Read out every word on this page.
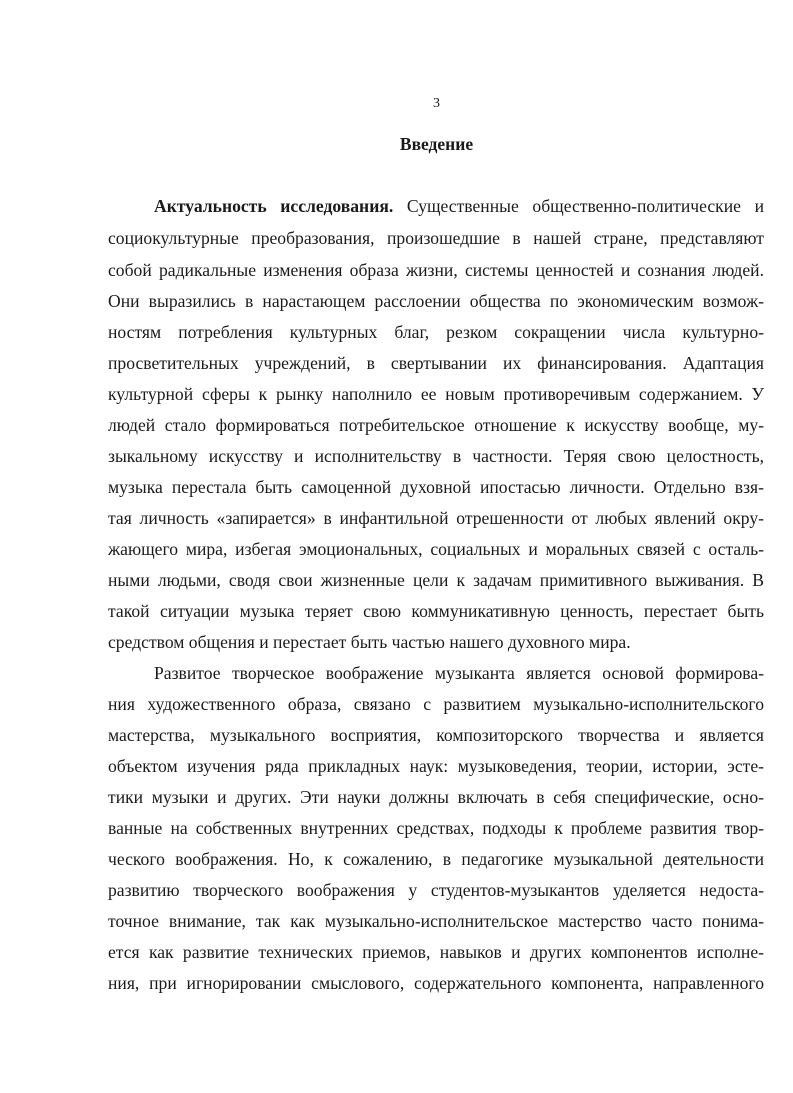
3
Введение
Актуальность исследования. Существенные общественно-политические и
социокультурные преобразования, произошедшие в нашей стране, представляют
собой радикальные изменения образа жизни, системы ценностей и сознания людей.
Они выразились в нарастающем расслоении общества по экономическим возмож-
ностям потребления культурных благ, резком сокращении числа культурно-
просветительных учреждений, в свертывании их финансирования. Адаптация
культурной сферы к рынку наполнило ее новым противоречивым содержанием. У
людей стало формироваться потребительское отношение к искусству вообще, му-
зыкальному искусству и исполнительству в частности. Теряя свою целостность,
музыка перестала быть самоценной духовной ипостасью личности. Отдельно взя-
тая личность «запирается» в инфантильной отрешенности от любых явлений окру-
жающего мира, избегая эмоциональных, социальных и моральных связей с осталь-
ными людьми, сводя свои жизненные цели к задачам примитивного выживания. В
такой ситуации музыка теряет свою коммуникативную ценность, перестает быть
средством общения и перестает быть частью нашего духовного мира.
Развитое творческое воображение музыканта является основой формирова-
ния художественного образа, связано с развитием музыкально-исполнительского
мастерства, музыкального восприятия, композиторского творчества и является
объектом изучения ряда прикладных наук: музыковедения, теории, истории, эсте-
тики музыки и других. Эти науки должны включать в себя специфические, осно-
ванные на собственных внутренних средствах, подходы к проблеме развития твор-
ческого воображения. Но, к сожалению, в педагогике музыкальной деятельности
развитию творческого воображения у студентов-музыкантов уделяется недоста-
точное внимание, так как музыкально-исполнительское мастерство часто понима-
ется как развитие технических приемов, навыков и других компонентов исполне-
ния, при игнорировании смыслового, содержательного компонента, направленного
